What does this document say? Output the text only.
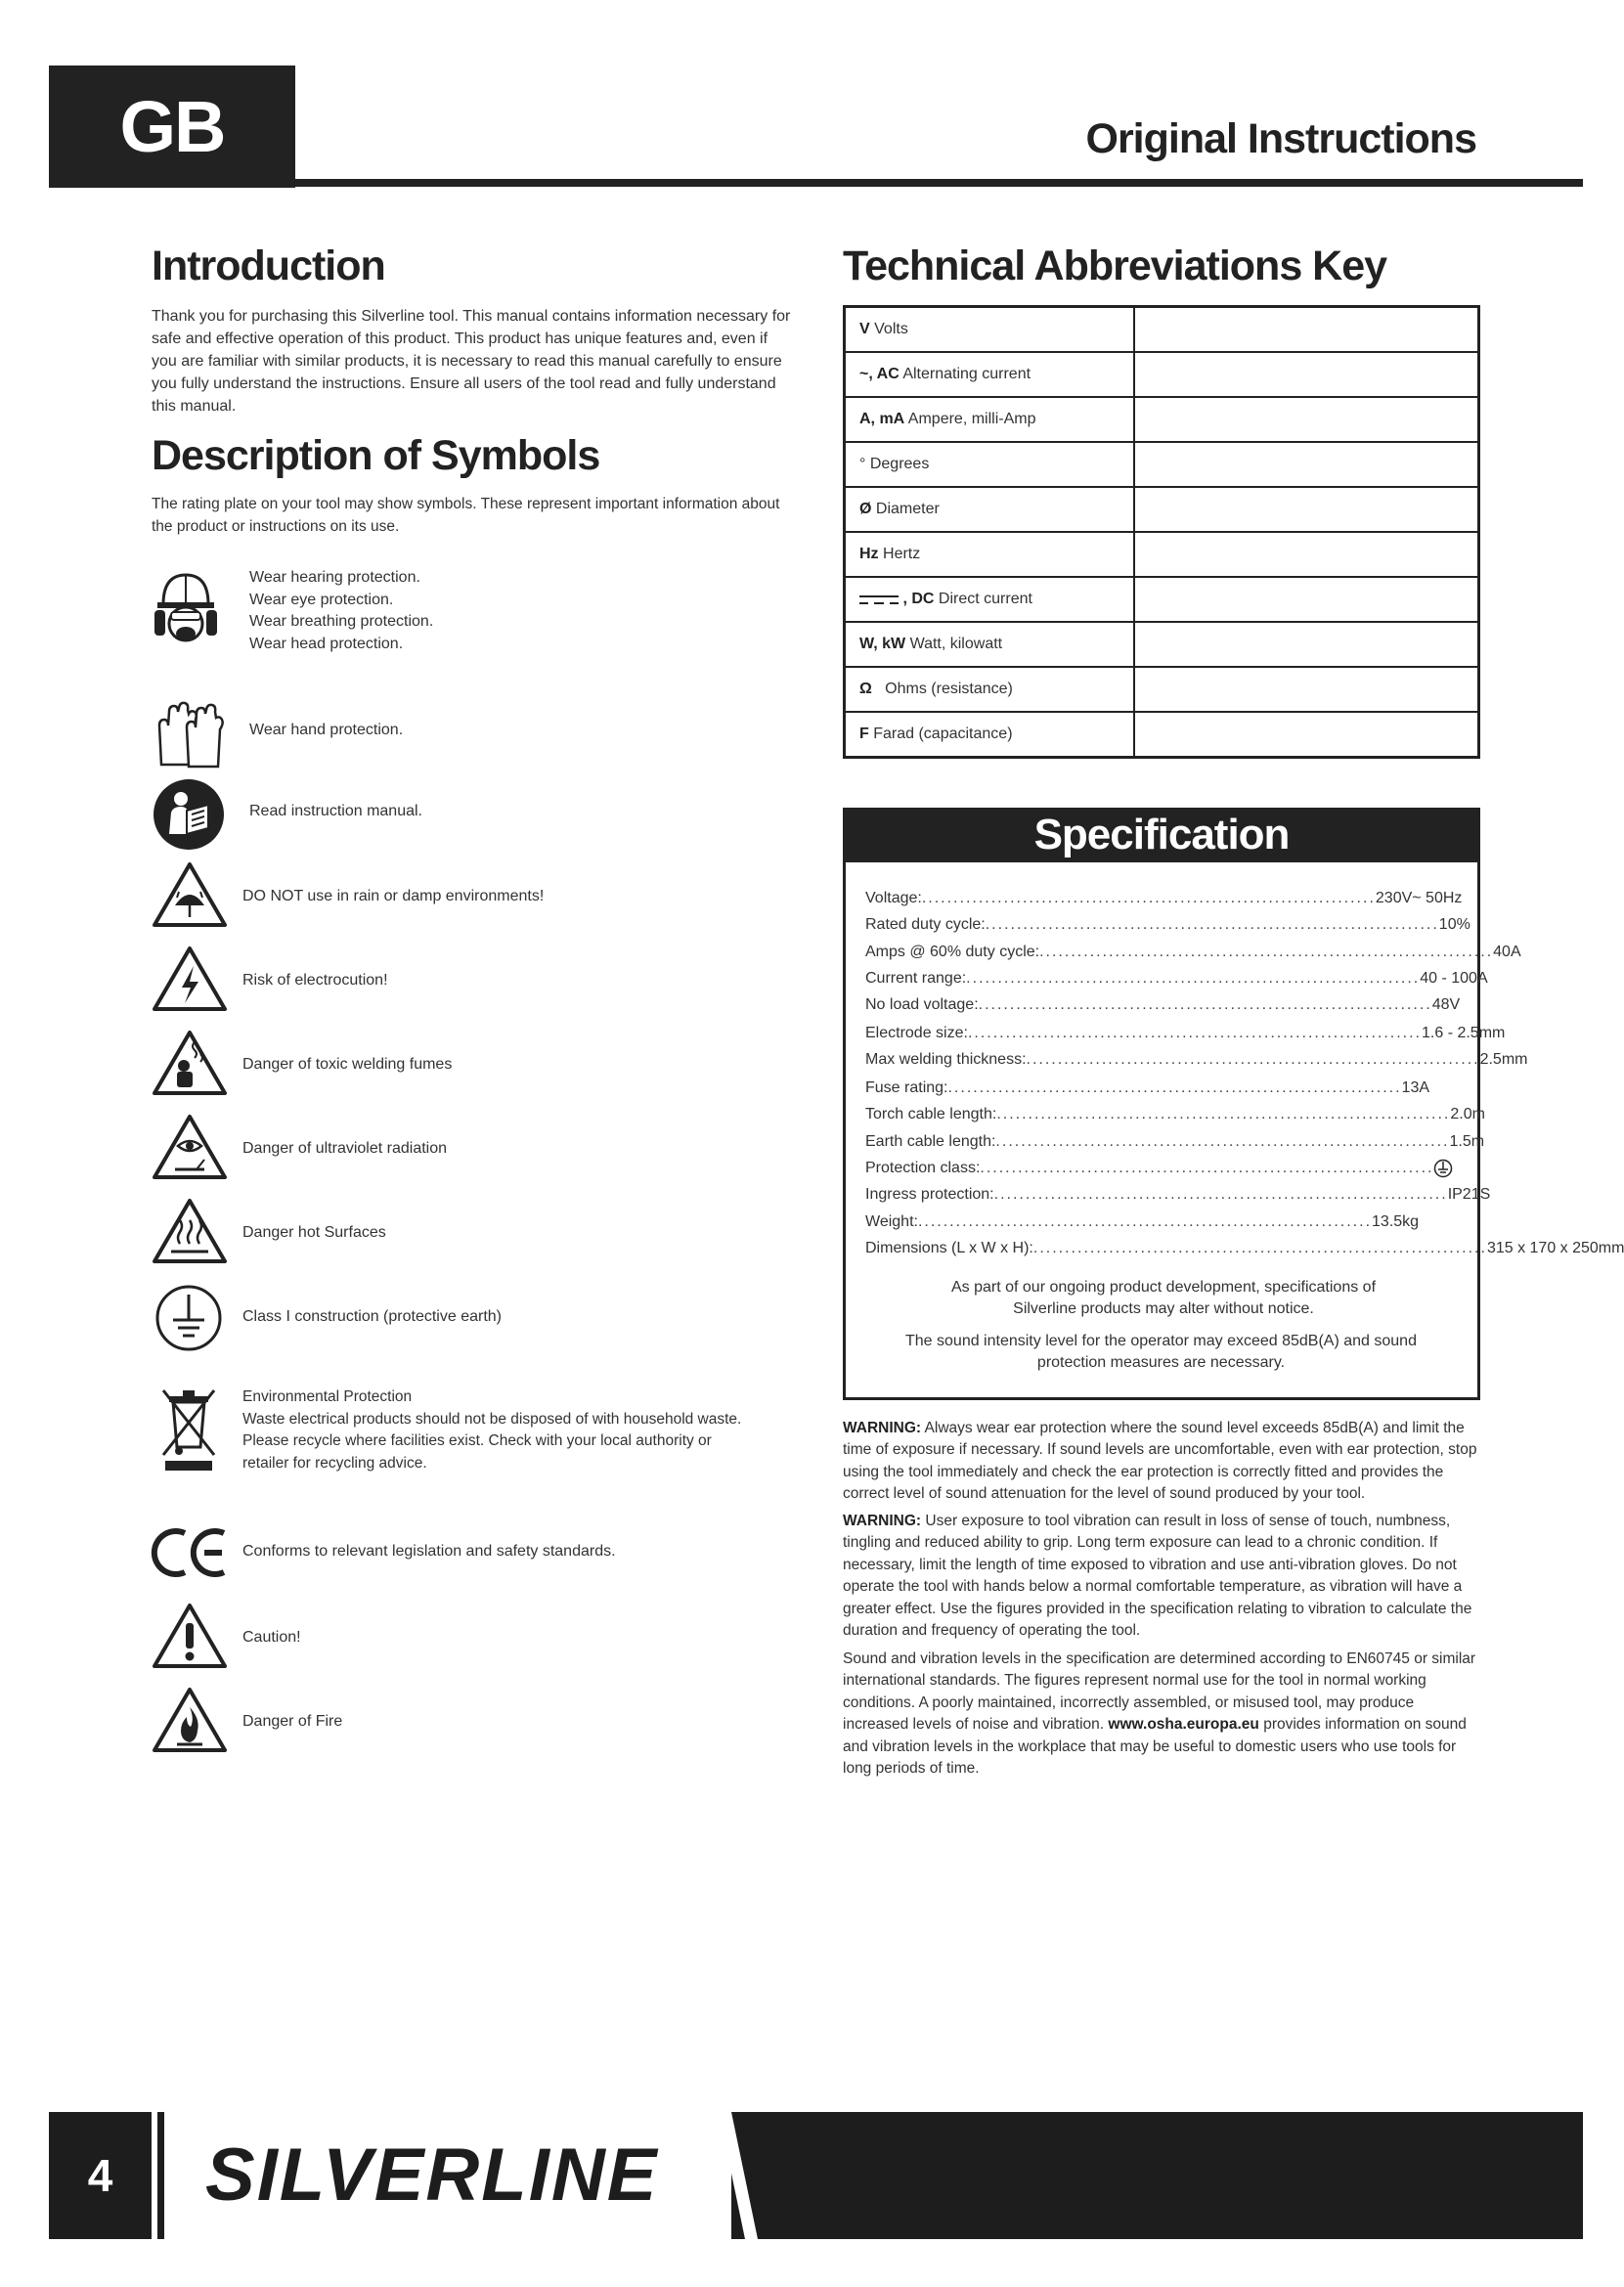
GB	Original Instructions
Introduction
Thank you for purchasing this Silverline tool. This manual contains information necessary for safe and effective operation of this product. This product has unique features and, even if you are familiar with similar products, it is necessary to read this manual carefully to ensure you fully understand the instructions. Ensure all users of the tool read and fully understand this manual.
Description of Symbols
The rating plate on your tool may show symbols. These represent important information about the product or instructions on its use.
Wear hearing protection.
Wear eye protection.
Wear breathing protection.
Wear head protection.
Wear hand protection.
Read instruction manual.
DO NOT use in rain or damp environments!
Risk of electrocution!
Danger of toxic welding fumes
Danger of ultraviolet radiation
Danger hot Surfaces
Class I construction (protective earth)
Environmental Protection
Waste electrical products should not be disposed of with household waste. Please recycle where facilities exist. Check with your local authority or retailer for recycling advice.
Conforms to relevant legislation and safety standards.
Caution!
Danger of Fire
Technical Abbreviations Key
V Volts	
~, AC Alternating current	
A, mA Ampere, milli-Amp	
° Degrees	
Ø Diameter	
Hz Hertz	
, DC Direct current	
W, kW Watt, kilowatt	
Ω Ohms (resistance)	
F Farad (capacitance)	
Specification
Voltage: ........................................................................ 230V~ 50Hz
Rated duty cycle: ........................................................................ 10%
Amps @ 60% duty cycle: ........................................................................ 40A
Current range: ........................................................................ 40 - 100A
No load voltage: ........................................................................ 48V
Electrode size: ........................................................................ 1.6 - 2.5mm
Max welding thickness: ........................................................................ 2.5mm
Fuse rating: ........................................................................ 13A
Torch cable length: ........................................................................ 2.0m
Earth cable length: ........................................................................ 1.5m
Protection class: ........................................................................
Ingress protection: ........................................................................ IP21S
Weight: ........................................................................ 13.5kg
Dimensions (L x W x H): ........................................................................ 315 x 170 x 250mm
As part of our ongoing product development, specifications of Silverline products may alter without notice.
The sound intensity level for the operator may exceed 85dB(A) and sound protection measures are necessary.
WARNING: Always wear ear protection where the sound level exceeds 85dB(A) and limit the time of exposure if necessary. If sound levels are uncomfortable, even with ear protection, stop using the tool immediately and check the ear protection is correctly fitted and provides the correct level of sound attenuation for the level of sound produced by your tool.
WARNING: User exposure to tool vibration can result in loss of sense of touch, numbness, tingling and reduced ability to grip. Long term exposure can lead to a chronic condition. If necessary, limit the length of time exposed to vibration and use anti-vibration gloves. Do not operate the tool with hands below a normal comfortable temperature, as vibration will have a greater effect. Use the figures provided in the specification relating to vibration to calculate the duration and frequency of operating the tool.
Sound and vibration levels in the specification are determined according to EN60745 or similar international standards. The figures represent normal use for the tool in normal working conditions. A poorly maintained, incorrectly assembled, or misused tool, may produce increased levels of noise and vibration. www.osha.europa.eu provides information on sound and vibration levels in the workplace that may be useful to domestic users who use tools for long periods of time.
4	SILVERLINE
